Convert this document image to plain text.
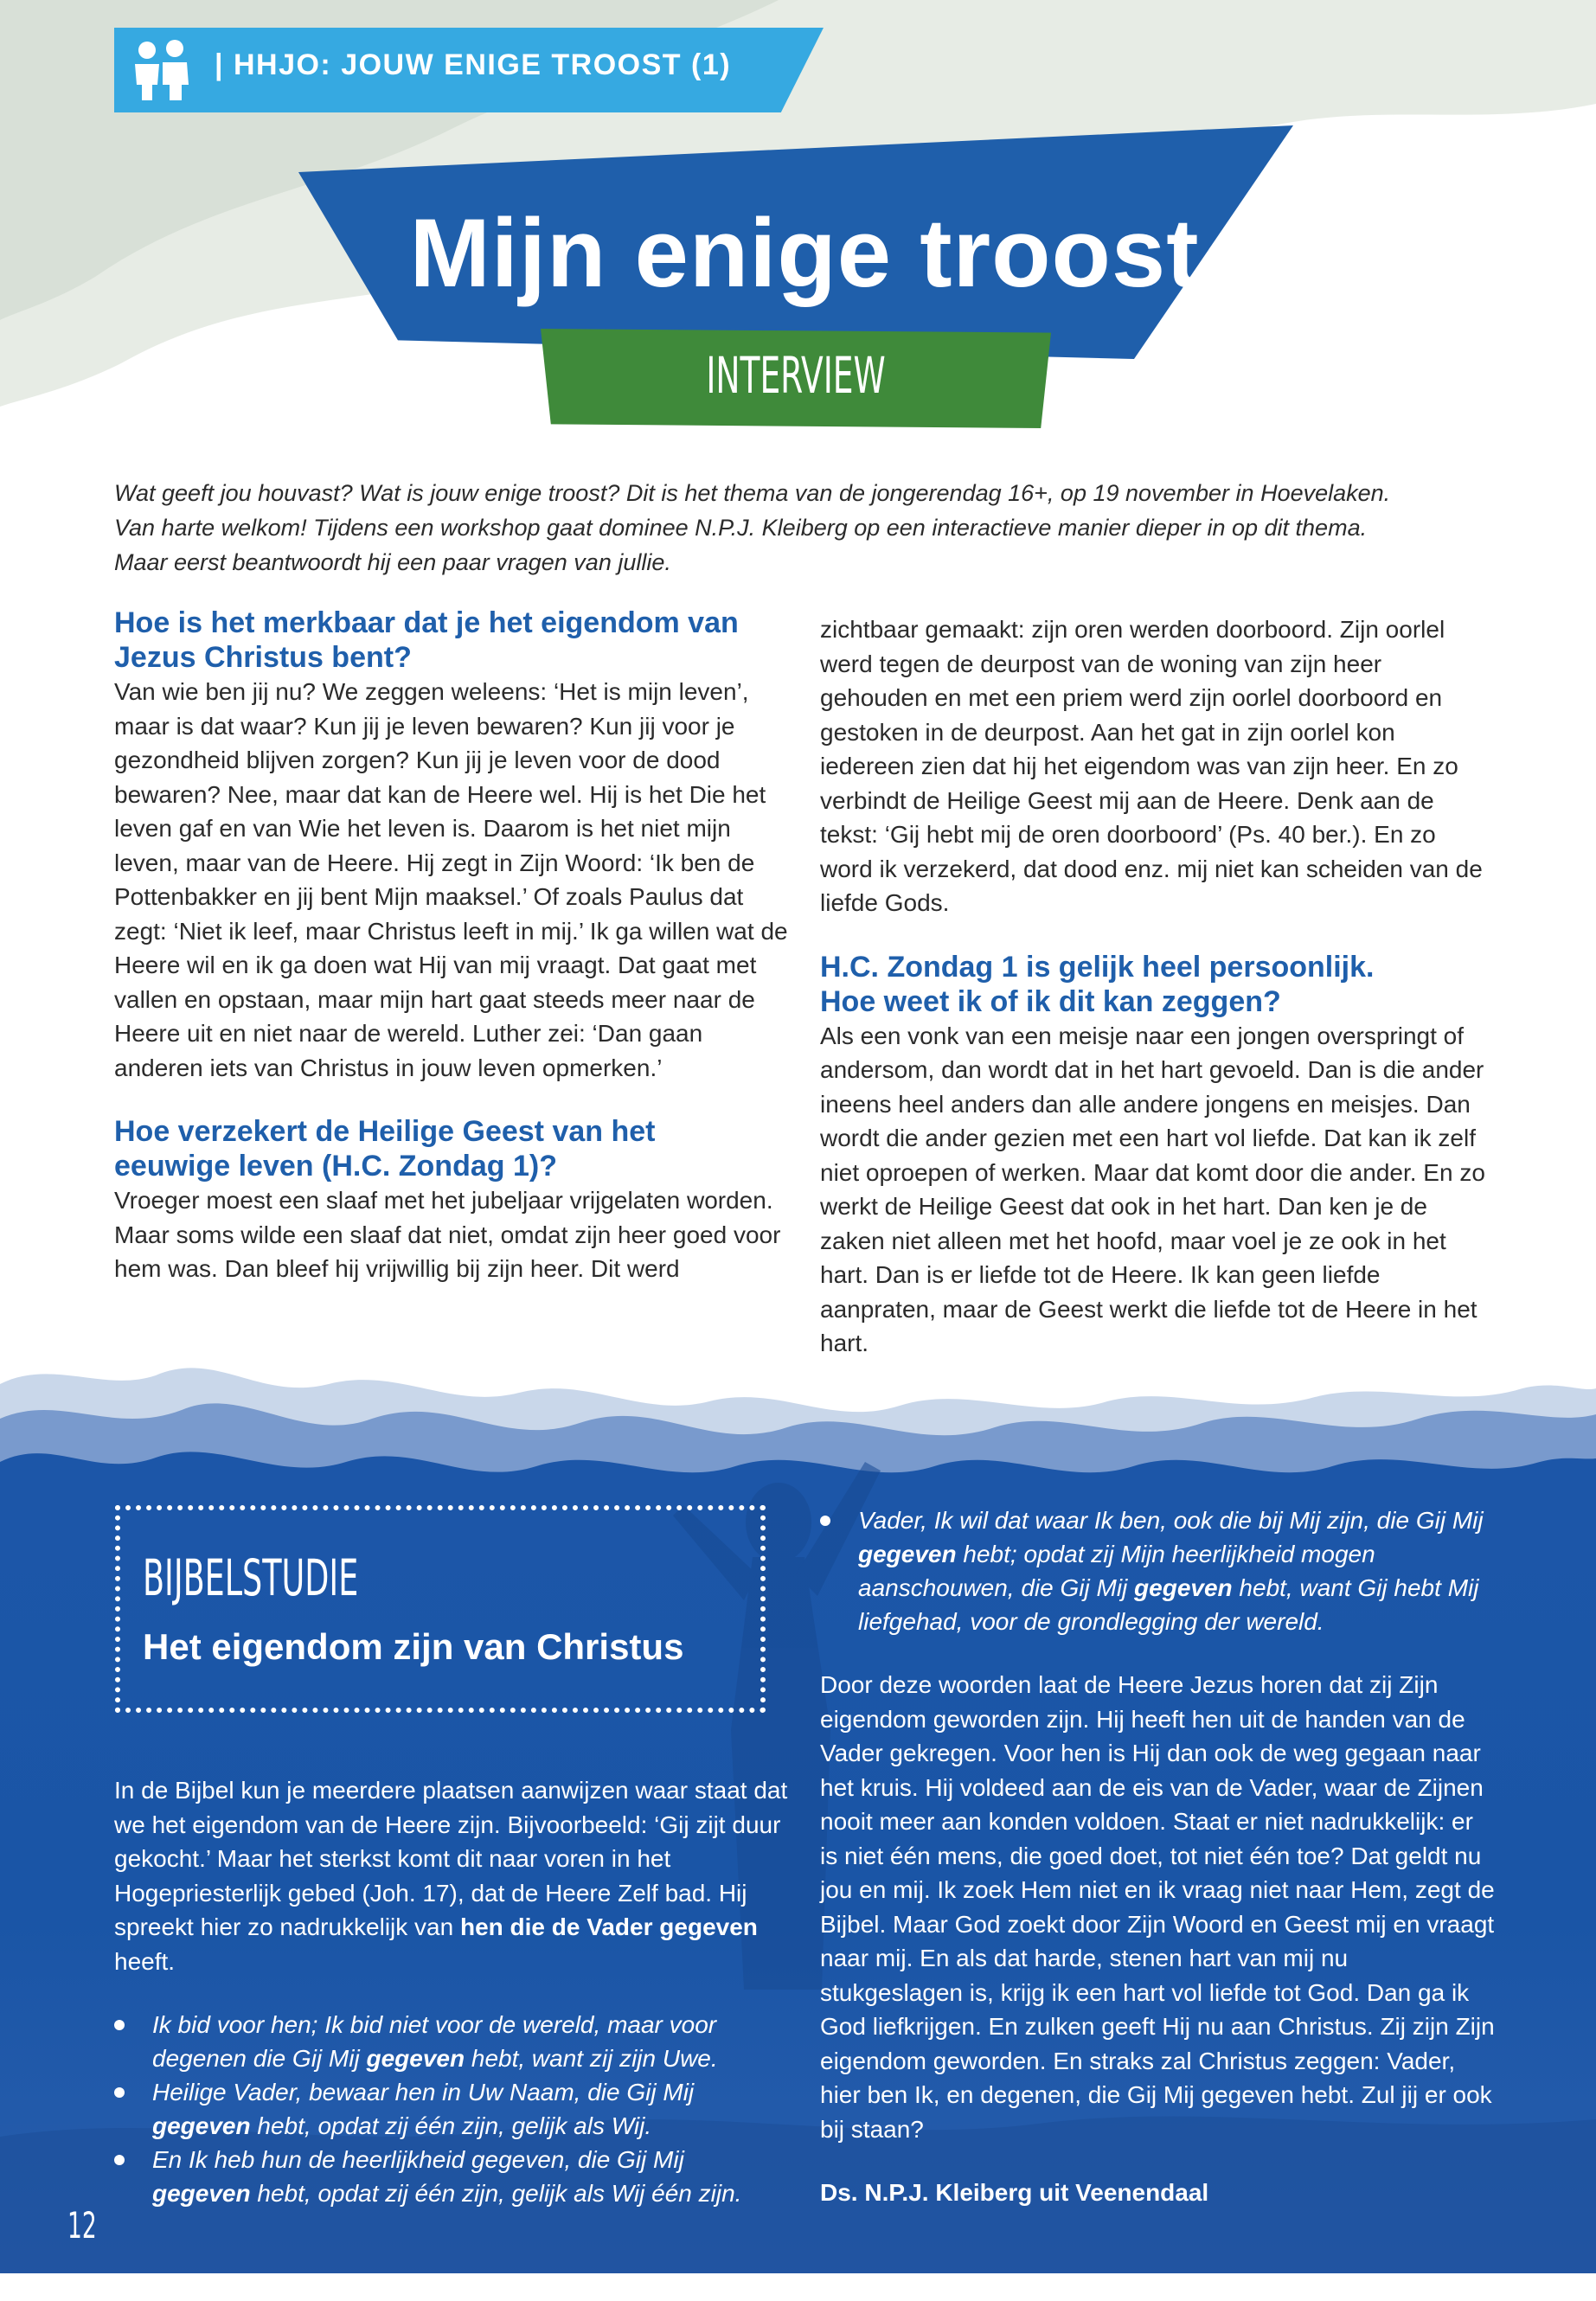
| HHJO: JOUW ENIGE TROOST (1)
Mijn enige troost
INTERVIEW

Wat geeft jou houvast? Wat is jouw enige troost? Dit is het thema van de jongerendag 16+, op 19 november in Hoevelaken.

Van harte welkom! Tijdens een workshop gaat dominee N.P.J. Kleiberg op een interactieve manier dieper in op dit thema.

Maar eerst beantwoordt hij een paar vragen van jullie.

Hoe is het merkbaar dat je het eigendom van
Jezus Christus bent?

Van wie ben jij nu? We zeggen weleens: ‘Het is mijn leven’, maar is dat waar? Kun jij je leven bewaren? Kun jij voor je gezondheid blijven zorgen? Kun jij je leven voor de dood bewaren? Nee, maar dat kan de Heere wel. Hij is het Die het leven gaf en van Wie het leven is. Daarom is het niet mijn leven, maar van de Heere. Hij zegt in Zijn Woord: ‘Ik ben de Pottenbakker en jij bent Mijn maaksel.’ Of zoals Paulus dat zegt: ‘Niet ik leef, maar Christus leeft in mij.’ Ik ga willen wat de Heere wil en ik ga doen wat Hij van mij vraagt. Dat gaat met vallen en opstaan, maar mijn hart gaat steeds meer naar de Heere uit en niet naar de wereld. Luther zei: ‘Dan gaan anderen iets van Christus in jouw leven opmerken.’

Hoe verzekert de Heilige Geest van het
eeuwige leven (H.C. Zondag 1)?

Vroeger moest een slaaf met het jubeljaar vrijgelaten worden. Maar soms wilde een slaaf dat niet, omdat zijn heer goed voor hem was. Dan bleef hij vrijwillig bij zijn heer. Dit werd

zichtbaar gemaakt: zijn oren werden doorboord. Zijn oorlel werd tegen de deurpost van de woning van zijn heer gehouden en met een priem werd zijn oorlel doorboord en gestoken in de deurpost. Aan het gat in zijn oorlel kon iedereen zien dat hij het eigendom was van zijn heer. En zo verbindt de Heilige Geest mij aan de Heere. Denk aan de tekst: ‘Gij hebt mij de oren doorboord’ (Ps. 40 ber.). En zo word ik verzekerd, dat dood enz. mij niet kan scheiden van de liefde Gods.

H.C. Zondag 1 is gelijk heel persoonlijk.
Hoe weet ik of ik dit kan zeggen?

Als een vonk van een meisje naar een jongen overspringt of andersom, dan wordt dat in het hart gevoeld. Dan is die ander ineens heel anders dan alle andere jongens en meisjes. Dan wordt die ander gezien met een hart vol liefde. Dat kan ik zelf niet oproepen of werken. Maar dat komt door die ander. En zo werkt de Heilige Geest dat ook in het hart. Dan ken je de zaken niet alleen met het hoofd, maar voel je ze ook in het hart. Dan is er liefde tot de Heere. Ik kan geen liefde aanpraten, maar de Geest werkt die liefde tot de Heere in het hart.

BIJBELSTUDIE
Het eigendom zijn van Christus

In de Bijbel kun je meerdere plaatsen aanwijzen waar staat dat we het eigendom van de Heere zijn. Bijvoorbeeld: ‘Gij zijt duur gekocht.’ Maar het sterkst komt dit naar voren in het Hogepriesterlijk gebed (Joh. 17), dat de Heere Zelf bad. Hij spreekt hier zo nadrukkelijk van hen die de Vader gegeven heeft.

Ik bid voor hen; Ik bid niet voor de wereld, maar voor degenen die Gij Mij gegeven hebt, want zij zijn Uwe.
Heilige Vader, bewaar hen in Uw Naam, die Gij Mij gegeven hebt, opdat zij één zijn, gelijk als Wij.
En Ik heb hun de heerlijkheid gegeven, die Gij Mij gegeven hebt, opdat zij één zijn, gelijk als Wij één zijn.
Vader, Ik wil dat waar Ik ben, ook die bij Mij zijn, die Gij Mij gegeven hebt; opdat zij Mijn heerlijkheid mogen aanschouwen, die Gij Mij gegeven hebt, want Gij hebt Mij liefgehad, voor de grondlegging der wereld.

Door deze woorden laat de Heere Jezus horen dat zij Zijn eigendom geworden zijn. Hij heeft hen uit de handen van de Vader gekregen. Voor hen is Hij dan ook de weg gegaan naar het kruis. Hij voldeed aan de eis van de Vader, waar de Zijnen nooit meer aan konden voldoen. Staat er niet nadrukkelijk: er is niet één mens, die goed doet, tot niet één toe? Dat geldt nu jou en mij. Ik zoek Hem niet en ik vraag niet naar Hem, zegt de Bijbel. Maar God zoekt door Zijn Woord en Geest mij en vraagt naar mij. En als dat harde, stenen hart van mij nu stukgeslagen is, krijg ik een hart vol liefde tot God. Dan ga ik God liefkrijgen. En zulken geeft Hij nu aan Christus. Zij zijn Zijn eigendom geworden. En straks zal Christus zeggen: Vader, hier ben Ik, en degenen, die Gij Mij gegeven hebt. Zul jij er ook bij staan?

Ds. N.P.J. Kleiberg uit Veenendaal

12
